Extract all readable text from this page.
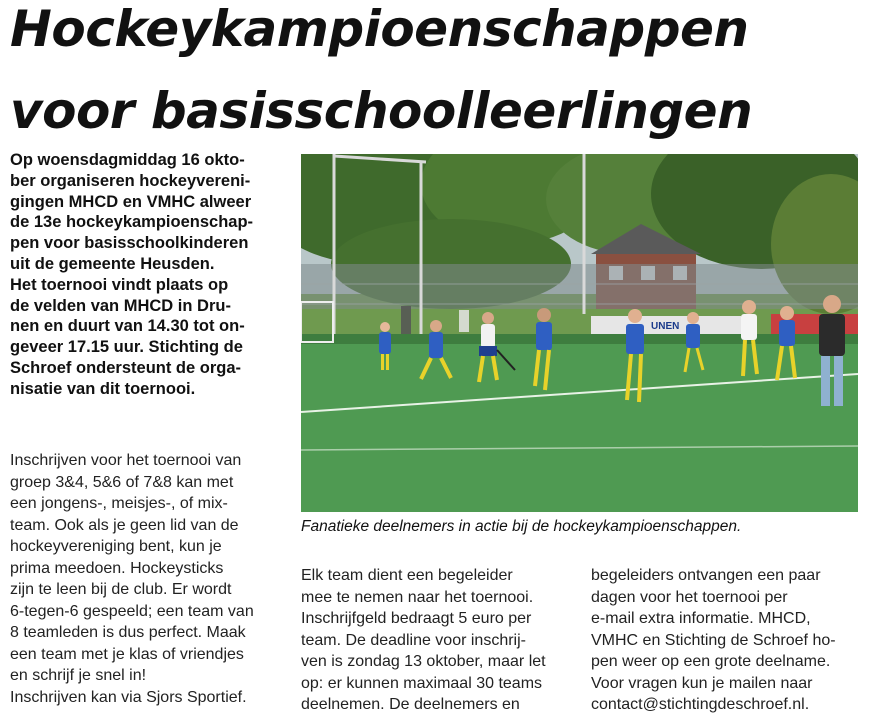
Hockeykampioenschappen
voor basisschoolleerlingen
Op woensdagmiddag 16 okto-
ber organiseren hockeyvereni-
gingen MHCD en VMHC alweer
de 13e hockeykampioenschap-
pen voor basisschoolkinderen
uit de gemeente Heusden.
Het toernooi vindt plaats op
de velden van MHCD in Dru-
nen en duurt van 14.30 tot on-
geveer 17.15 uur. Stichting de
Schroef ondersteunt de orga-
nisatie van dit toernooi.
Inschrijven voor het toernooi van
groep 3&4, 5&6 of 7&8 kan met
een jongens-, meisjes-, of mix-
team. Ook als je geen lid van de
hockeyvereniging bent, kun je
prima meedoen. Hockeysticks
zijn te leen bij de club. Er wordt
6-tegen-6 gespeeld; een team van
8 teamleden is dus perfect. Maak
een team met je klas of vriendjes
en schrijf je snel in!
Inschrijven kan via Sjors Sportief.
UNEN

Fanatieke deelnemers in actie bij de hockeykampioenschappen.

Elk team dient een begeleider
mee te nemen naar het toernooi.
Inschrijfgeld bedraagt 5 euro per
team. De deadline voor inschrij-
ven is zondag 13 oktober, maar let
op: er kunnen maximaal 30 teams
deelnemen. De deelnemers en
begeleiders ontvangen een paar
dagen voor het toernooi per
e-mail extra informatie. MHCD,
VMHC en Stichting de Schroef ho-
pen weer op een grote deelname.
Voor vragen kun je mailen naar
contact@stichtingdeschroef.nl.
